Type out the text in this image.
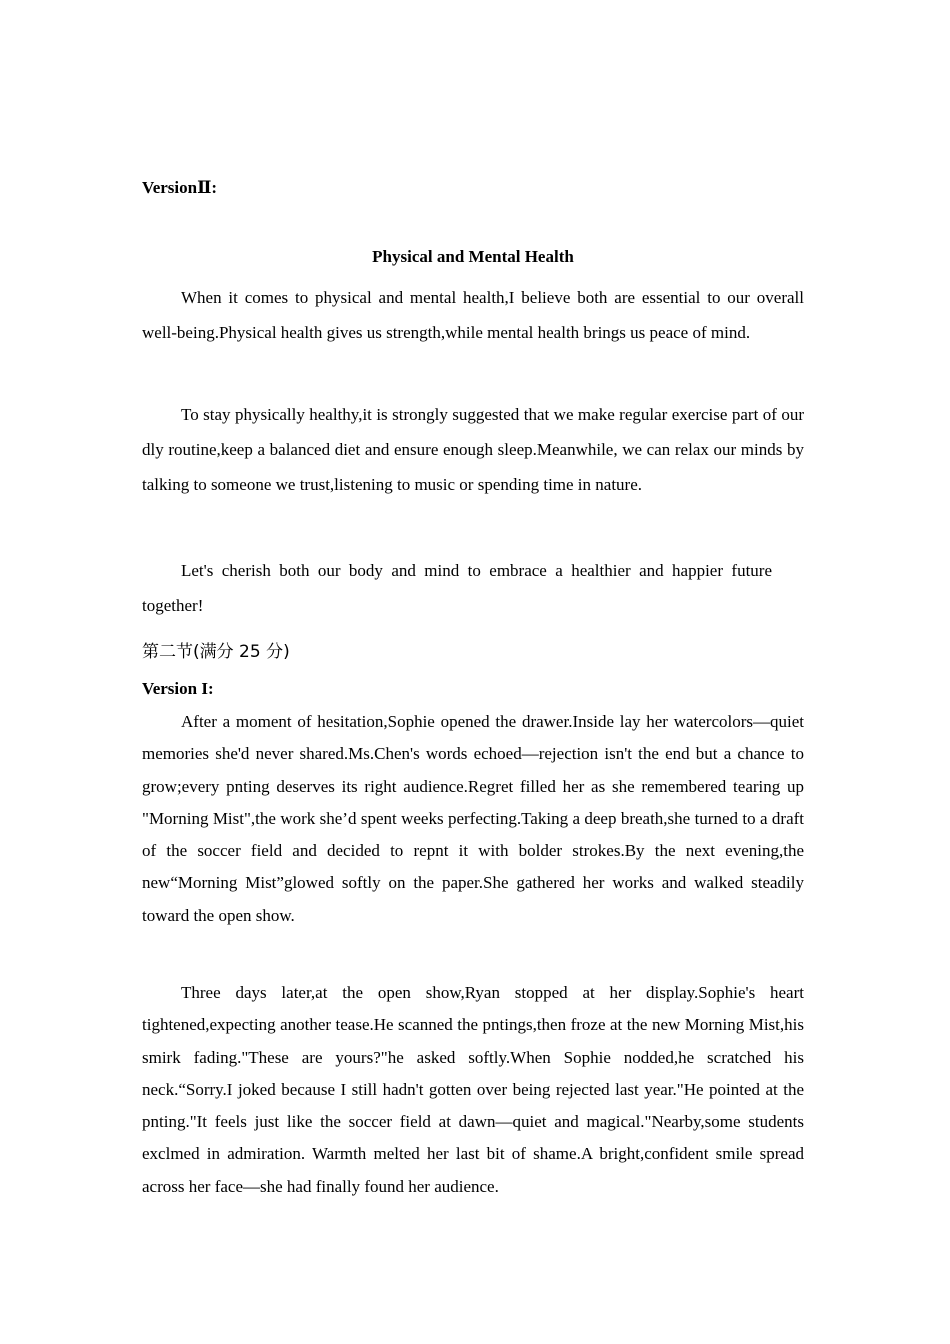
VersionⅡ:
Physical and Mental Health

When it comes to physical and mental health,I believe both are essential to our overall well-being.Physical health gives us strength,while mental health brings us peace of mind.

To stay physically healthy,it is strongly suggested that we make regular exercise part of our dly routine,keep a balanced diet and ensure enough sleep.Meanwhile, we can relax our minds by talking to someone we trust,listening to music or spending time in nature.

Let's cherish both our body and mind to embrace a healthier and happier future together!

第二节(满分 25 分)
Version I:

After a moment of hesitation,Sophie opened the drawer.Inside lay her watercolors—quiet memories she'd never shared.Ms.Chen's words echoed—rejection isn't the end but a chance to grow;every pnting deserves its right audience.Regret filled her as she remembered tearing up "Morning Mist",the work she’d spent weeks perfecting.Taking a deep breath,she turned to a draft of the soccer field and decided to repnt it with bolder strokes.By the next evening,the new“Morning Mist”glowed softly on the paper.She gathered her works and walked steadily toward the open show.

Three days later,at the open show,Ryan stopped at her display.Sophie's heart tightened,expecting another tease.He scanned the pntings,then froze at the new Morning Mist,his smirk fading."These are yours?"he asked softly.When Sophie nodded,he scratched his neck.“Sorry.I joked because I still hadn't gotten over being rejected last year."He pointed at the pnting."It feels just like the soccer field at dawn—quiet and magical."Nearby,some students exclmed in admiration. Warmth melted her last bit of shame.A bright,confident smile spread across her face—she had finally found her audience.
